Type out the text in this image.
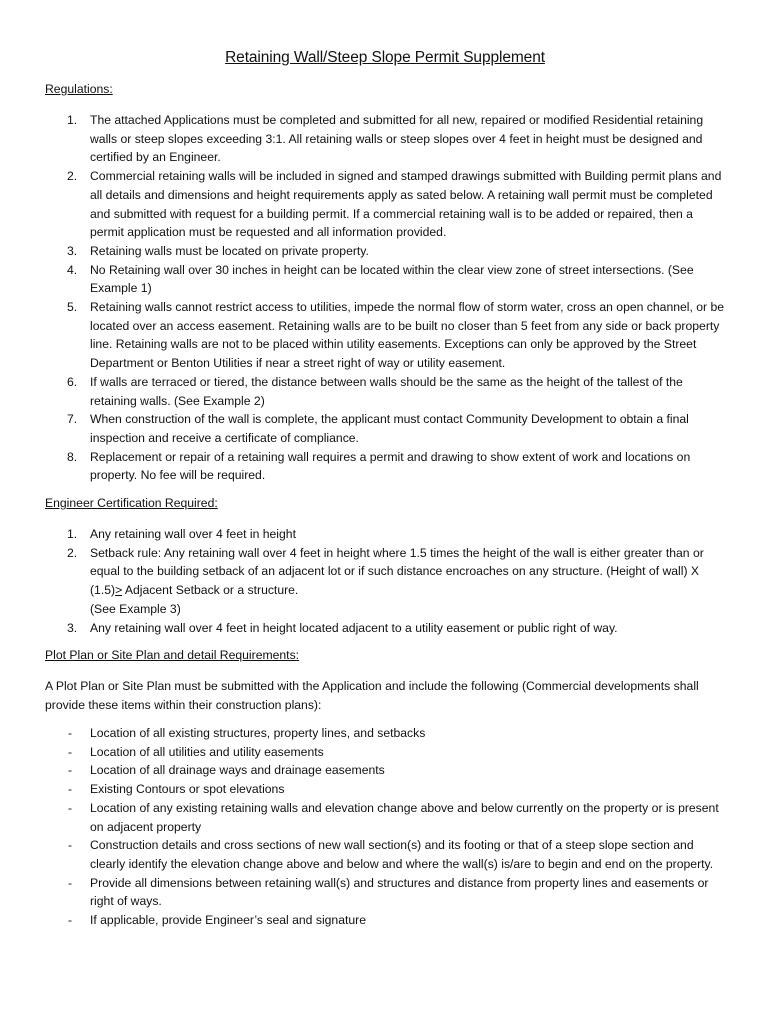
Retaining Wall/Steep Slope Permit Supplement
Regulations:
1. The attached Applications must be completed and submitted for all new, repaired or modified Residential retaining walls or steep slopes exceeding 3:1. All retaining walls or steep slopes over 4 feet in height must be designed and certified by an Engineer.
2. Commercial retaining walls will be included in signed and stamped drawings submitted with Building permit plans and all details and dimensions and height requirements apply as sated below. A retaining wall permit must be completed and submitted with request for a building permit. If a commercial retaining wall is to be added or repaired, then a permit application must be requested and all information provided.
3. Retaining walls must be located on private property.
4. No Retaining wall over 30 inches in height can be located within the clear view zone of street intersections. (See Example 1)
5. Retaining walls cannot restrict access to utilities, impede the normal flow of storm water, cross an open channel, or be located over an access easement. Retaining walls are to be built no closer than 5 feet from any side or back property line. Retaining walls are not to be placed within utility easements. Exceptions can only be approved by the Street Department or Benton Utilities if near a street right of way or utility easement.
6. If walls are terraced or tiered, the distance between walls should be the same as the height of the tallest of the retaining walls. (See Example 2)
7. When construction of the wall is complete, the applicant must contact Community Development to obtain a final inspection and receive a certificate of compliance.
8. Replacement or repair of a retaining wall requires a permit and drawing to show extent of work and locations on property. No fee will be required.
Engineer Certification Required:
1. Any retaining wall over 4 feet in height
2. Setback rule: Any retaining wall over 4 feet in height where 1.5 times the height of the wall is either greater than or equal to the building setback of an adjacent lot or if such distance encroaches on any structure. (Height of wall) X (1.5)> Adjacent Setback or a structure.
(See Example 3)
3. Any retaining wall over 4 feet in height located adjacent to a utility easement or public right of way.
Plot Plan or Site Plan and detail Requirements:
A Plot Plan or Site Plan must be submitted with the Application and include the following (Commercial developments shall provide these items within their construction plans):
- Location of all existing structures, property lines, and setbacks
- Location of all utilities and utility easements
- Location of all drainage ways and drainage easements
- Existing Contours or spot elevations
- Location of any existing retaining walls and elevation change above and below currently on the property or is present on adjacent property
- Construction details and cross sections of new wall section(s) and its footing or that of a steep slope section and clearly identify the elevation change above and below and where the wall(s) is/are to begin and end on the property.
- Provide all dimensions between retaining wall(s) and structures and distance from property lines and easements or right of ways.
- If applicable, provide Engineer’s seal and signature
